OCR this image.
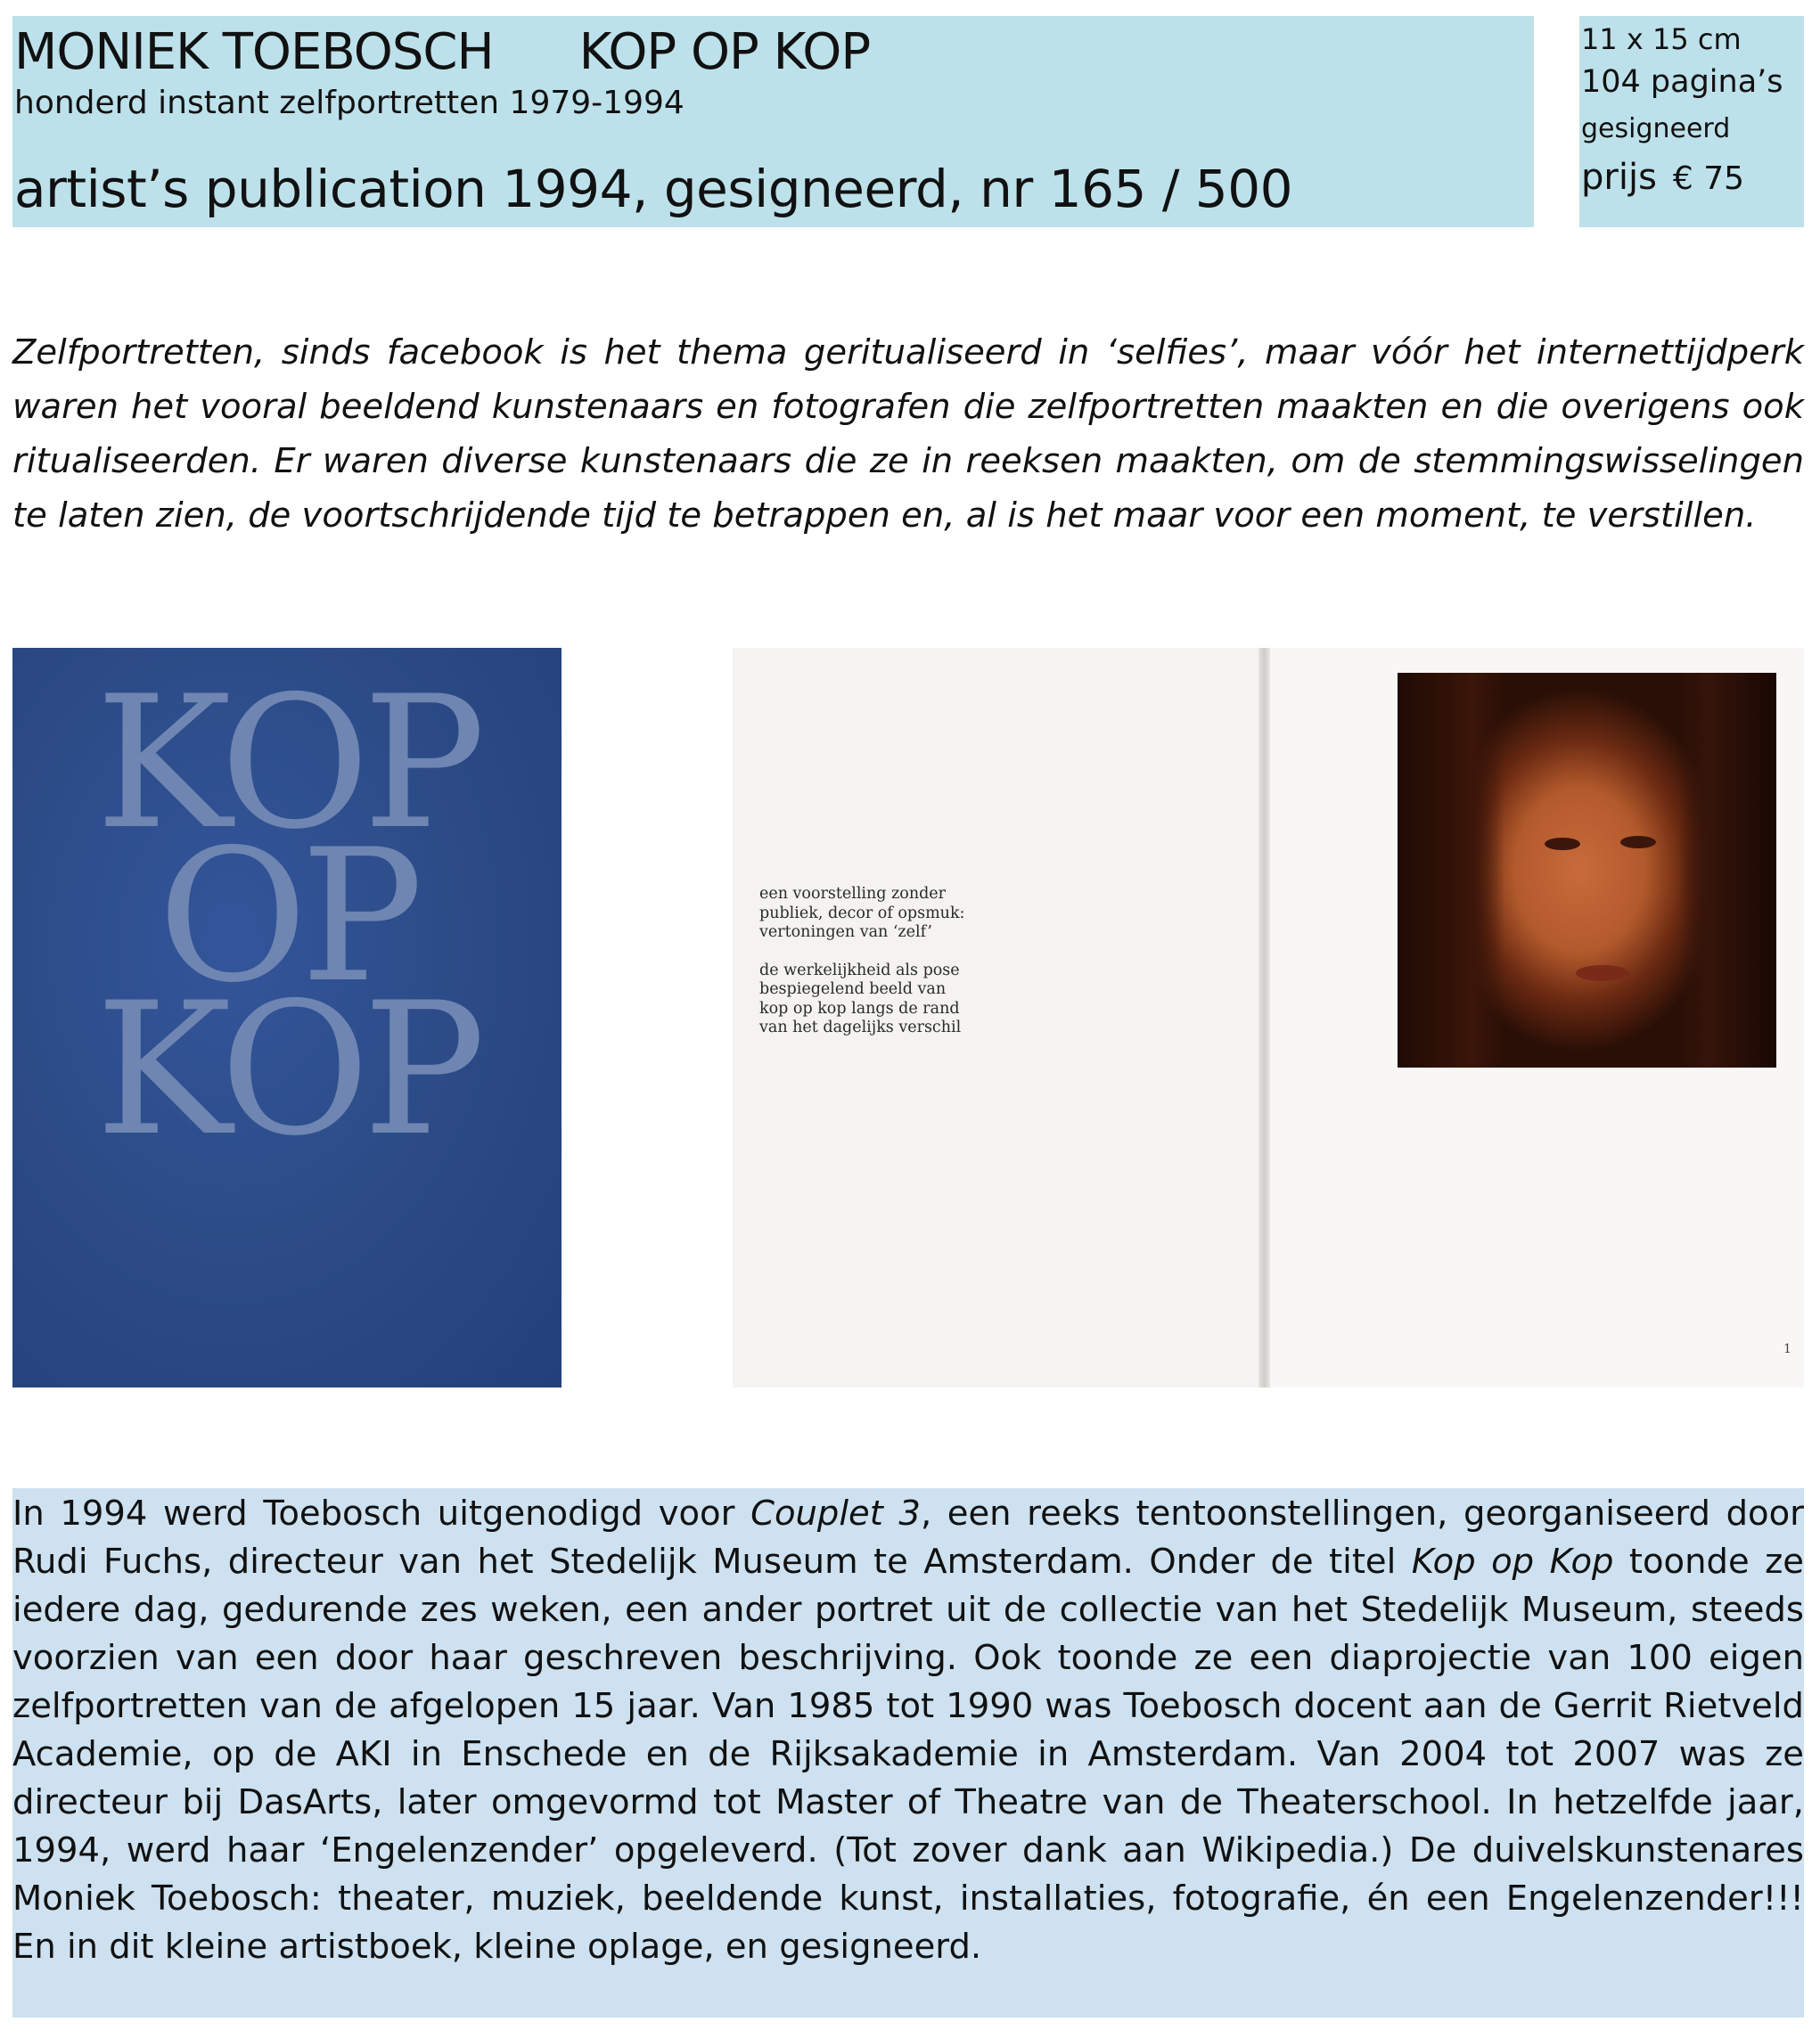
MONIEK TOEBOSCH KOP OP KOP
honderd instant zelfportretten 1979-1994
artist’s publication 1994, gesigneerd, nr 165 / 500
11 x 15 cm
104 pagina’s
gesigneerd
prijs € 75
Zelfportretten, sinds facebook is het thema geritualiseerd in ‘selfies’, maar vóór het internettijdperk waren het vooral beeldend kunstenaars en fotografen die zelfportretten maakten en die overigens ook ritualiseerden. Er waren diverse kunstenaars die ze in reeksen maakten, om de stemmingswisselingen te laten zien, de voortschrijdende tijd te betrappen en, al is het maar voor een moment, te verstillen.
KOP
OP
KOP
een voorstelling zonder
publiek, decor of opsmuk:
vertoningen van ‘zelf’
de werkelijkheid als pose
bespiegelend beeld van
kop op kop langs de rand
van het dagelijks verschil
1
In 1994 werd Toebosch uitgenodigd voor Couplet 3, een reeks tentoonstellingen, georganiseerd door Rudi Fuchs, directeur van het Stedelijk Museum te Amsterdam. Onder de titel Kop op Kop toonde ze iedere dag, gedurende zes weken, een ander portret uit de collectie van het Stedelijk Museum, steeds voorzien van een door haar geschreven beschrijving. Ook toonde ze een diaprojectie van 100 eigen zelfportretten van de afgelopen 15 jaar. Van 1985 tot 1990 was Toebosch docent aan de Gerrit Rietveld Academie, op de AKI in Enschede en de Rijksakademie in Amsterdam. Van 2004 tot 2007 was ze directeur bij DasArts, later omgevormd tot Master of Theatre van de Theaterschool. In hetzelfde jaar, 1994, werd haar ‘Engelenzender’ opgeleverd. (Tot zover dank aan Wikipedia.) De duivelskunstenares Moniek Toebosch: theater, muziek, beeldende kunst, installaties, fotografie, én een Engelenzender!!! En in dit kleine artistboek, kleine oplage, en gesigneerd.
